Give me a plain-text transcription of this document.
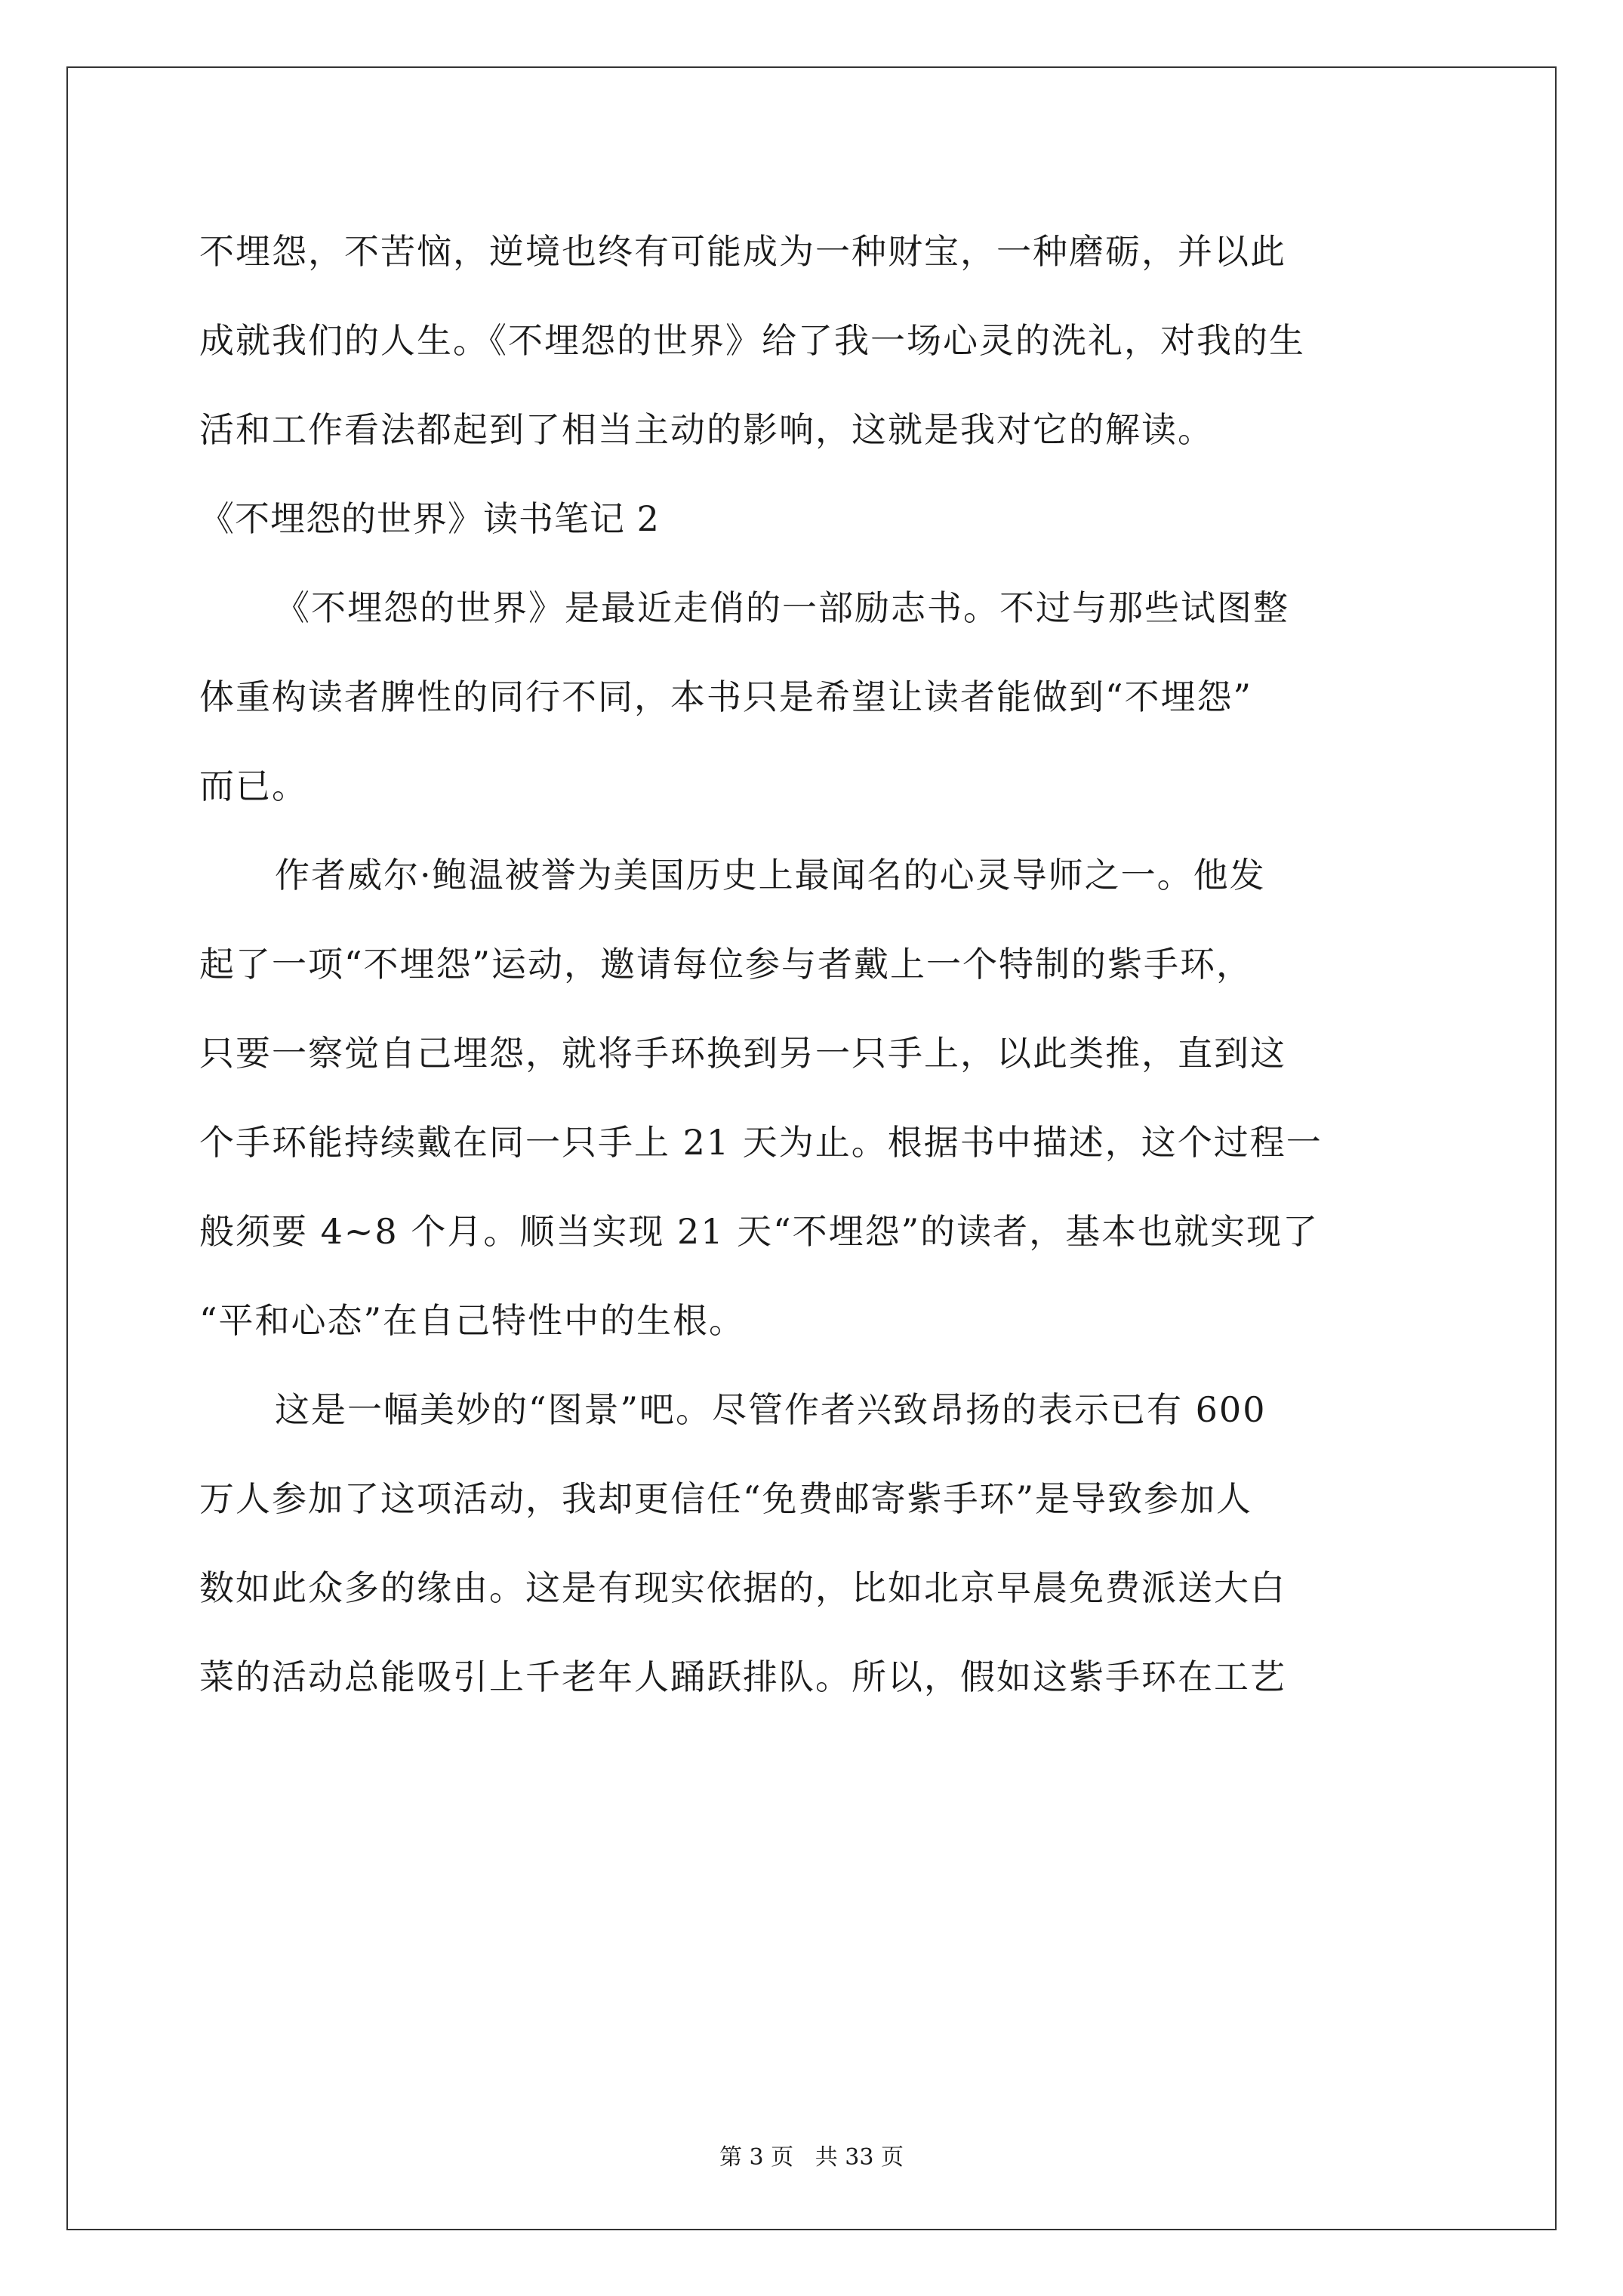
不埋怨，不苦恼，逆境也终有可能成为一种财宝，一种磨砺，并以此
成就我们的人生。《不埋怨的世界》给了我一场心灵的洗礼，对我的生
活和工作看法都起到了相当主动的影响，这就是我对它的解读。
《不埋怨的世界》读书笔记 2
《不埋怨的世界》是最近走俏的一部励志书。不过与那些试图整
体重构读者脾性的同行不同，本书只是希望让读者能做到“不埋怨”
而已。
作者威尔·鲍温被誉为美国历史上最闻名的心灵导师之一。他发
起了一项“不埋怨”运动，邀请每位参与者戴上一个特制的紫手环，
只要一察觉自己埋怨，就将手环换到另一只手上，以此类推，直到这
个手环能持续戴在同一只手上 21 天为止。根据书中描述，这个过程一
般须要 4~8 个月。顺当实现 21 天“不埋怨”的读者，基本也就实现了
“平和心态”在自己特性中的生根。
这是一幅美妙的“图景”吧。尽管作者兴致昂扬的表示已有 600
万人参加了这项活动，我却更信任“免费邮寄紫手环”是导致参加人
数如此众多的缘由。这是有现实依据的，比如北京早晨免费派送大白
菜的活动总能吸引上千老年人踊跃排队。所以，假如这紫手环在工艺
第 3 页   共 33 页
